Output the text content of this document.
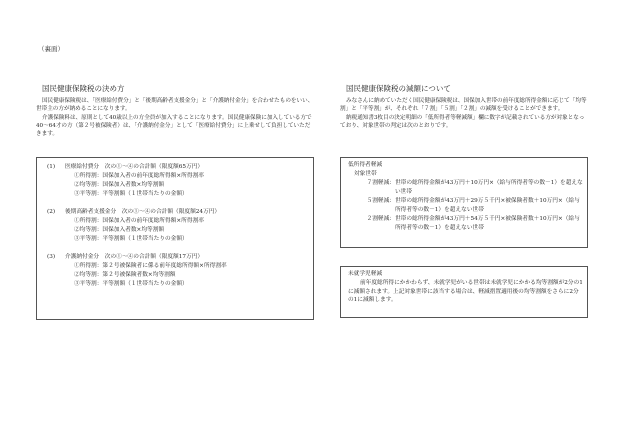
（裏面）
国民健康保険税の決め方

国民健康保険税は、「医療給付費分」と「後期高齢者支援金分」と「介護納付金分」を合わせたものをいい、世帯主の方が納めることになります。

介護保険料は、原則として40歳以上の方全員が加入することになります。国民健康保険に加入している方で40～64才の方（第２号被保険者）は、「介護納付金分」として「医療給付費分」に上乗せして負担していただきます。

(1)	医療給付費分　次の①～④の合計額（限度額65万円）
①所得割：国保加入者の前年度総所得額×所得割率
②均等割：国保加入者数×均等割額
③平等割：平等割額（１世帯当たりの金額）
(2)	後期高齢者支援金分　次の①～④の合計額（限度額24万円）
①所得割：国保加入者の前年度総所得額×所得割率
②均等割：国保加入者数×均等割額
③平等割：平等割額（１世帯当たりの金額）
(3)	介護納付金分　次の①～④の合計額（限度額17万円）
①所得割：第２号被保険者に係る前年度総所得額×所得割率
②均等割：第２号被保険者数×均等割額
③平等割：平等割額（１世帯当たりの金額）
国民健康保険税の減額について

みなさんに納めていただく国民健康保険税は、国保加入世帯の前年度総所得金額に応じて「均等割」と「平等割」が、それぞれ「７割」「５割」「２割」の減額を受けることができます。

納税通知書3枚目の決定明細の「低所得者等軽減額」欄に数字が記載されている方が対象となっており、対象世帯の判定は次のとおりです。

低所得者軽減
対象世帯
７割軽減： 世帯の総所得金額が43万円＋10万円×（給与所得者等の数－1）を超えない世帯
５割軽減： 世帯の総所得金額が43万円＋29万５千円×被保険者数＋10万円×（給与所得者等の数－1）を超えない世帯
２割軽減： 世帯の総所得金額が43万円＋54万５千円×被保険者数＋10万円×（給与所得者等の数－1）を超えない世帯
未就学児軽減

前年度総所得にかかわらず、未就学児がいる世帯は未就学児にかかる均等割額が2分の1に減額されます。上記対象世帯に該当する場合は、軽減措置適用後の均等割額をさらに2分の1に減額します。
